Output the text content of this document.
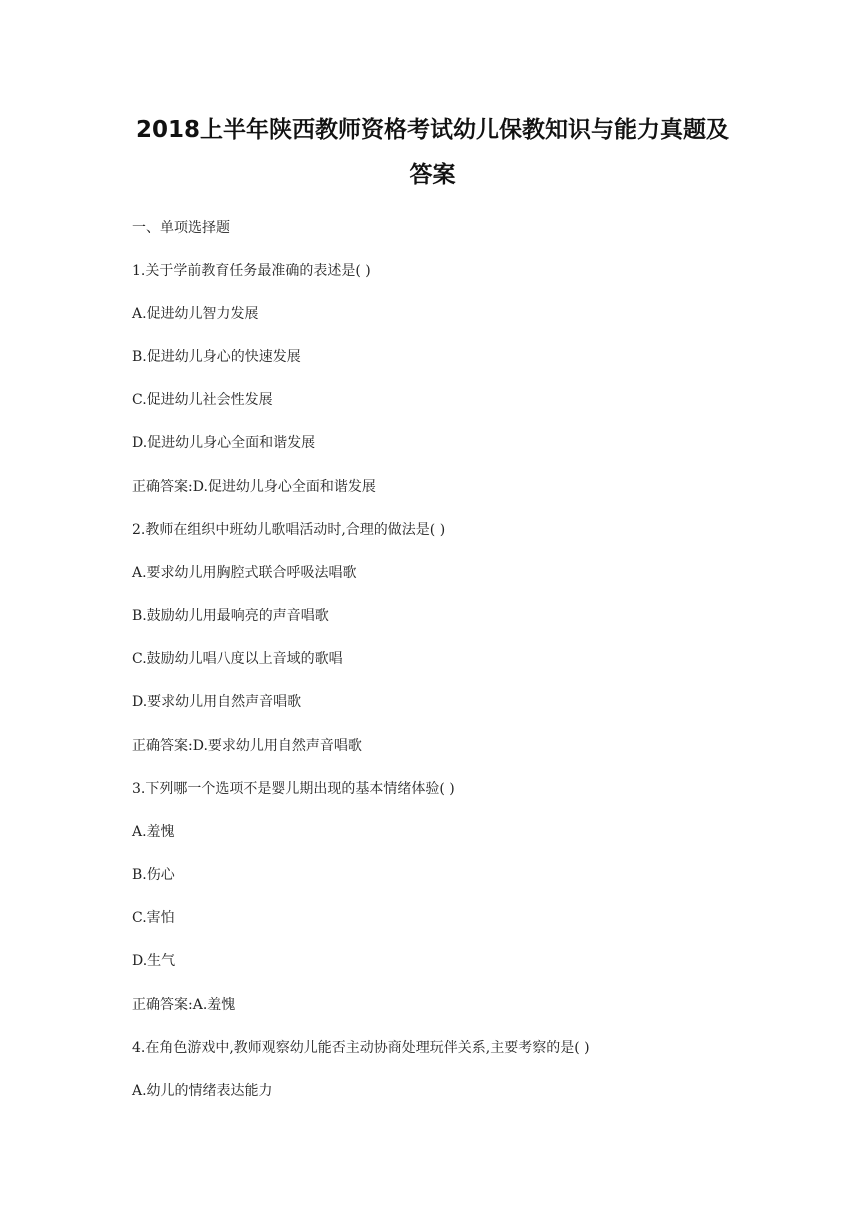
2018上半年陕西教师资格考试幼儿保教知识与能力真题及
答案
一、单项选择题
1.关于学前教育任务最准确的表述是( )
A.促进幼儿智力发展
B.促进幼儿身心的快速发展
C.促进幼儿社会性发展
D.促进幼儿身心全面和谐发展
正确答案:D.促进幼儿身心全面和谐发展
2.教师在组织中班幼儿歌唱活动时,合理的做法是( )
A.要求幼儿用胸腔式联合呼吸法唱歌
B.鼓励幼儿用最响亮的声音唱歌
C.鼓励幼儿唱八度以上音域的歌唱
D.要求幼儿用自然声音唱歌
正确答案:D.要求幼儿用自然声音唱歌
3.下列哪一个选项不是婴儿期出现的基本情绪体验( )
A.羞愧
B.伤心
C.害怕
D.生气
正确答案:A.羞愧
4.在角色游戏中,教师观察幼儿能否主动协商处理玩伴关系,主要考察的是( )
A.幼儿的情绪表达能力
